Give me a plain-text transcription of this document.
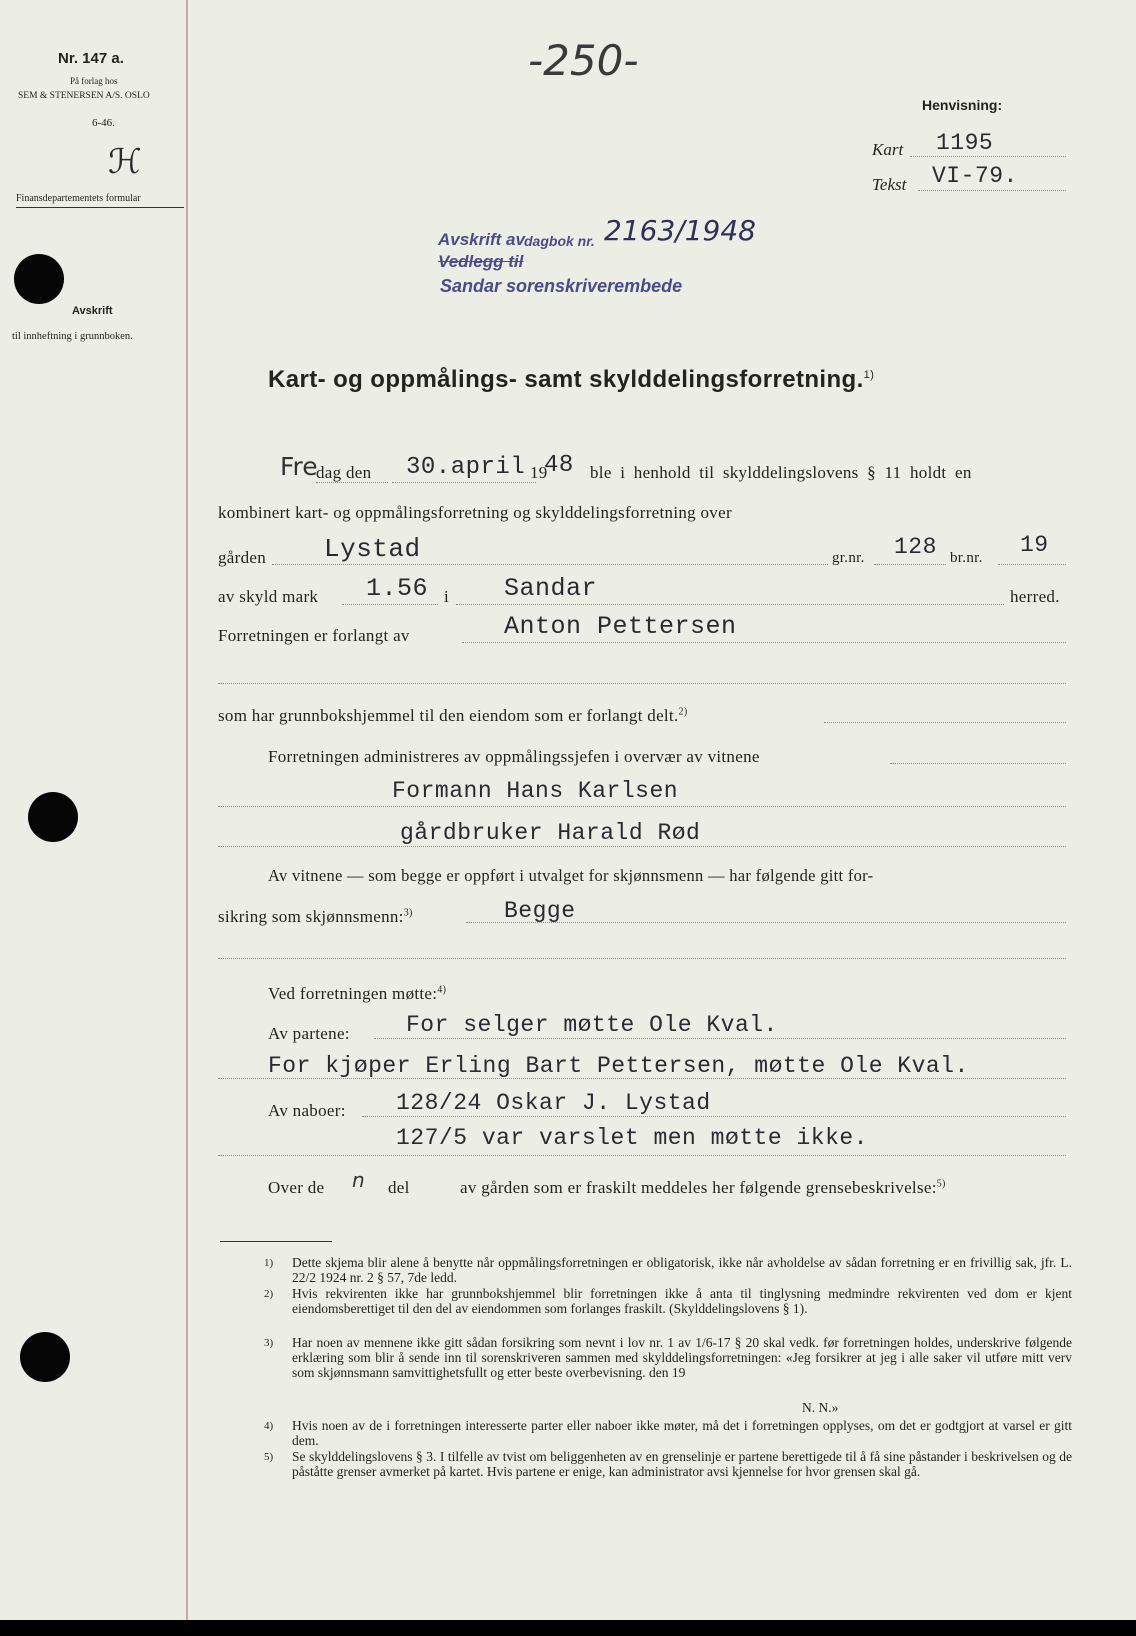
Nr. 147 a.
På forlag hos
SEM & STENERSEN A/S. OSLO
6-46.
ℋ
Finansdepartementets formular
Avskrift
til innheftning i grunnboken.
-250-
Henvisning:
Kart 1195
Tekst VI-79.
Avskrift av dagbok nr. 2163/1948
Vedlegg til
Sandar sorenskriverembede
Kart- og oppmålings- samt skylddelingsforretning.$^{1)}$
Fre
dag den 30.april 19
48 ble i henhold til skylddelingslovens § 11 holdt en
kombinert kart- og oppmålingsforretning og skylddelingsforretning over
gården Lystad	gr.nr. 128 br.nr. 19
av skyld mark 1.56 i Sandar	herred.
Forretningen er forlangt av	Anton Pettersen
som har grunnbokshjemmel til den eiendom som er forlangt delt.$^{2)}$
Forretningen administreres av oppmålingssjefen i overvær av vitnene
Formann Hans Karlsen
gårdbruker Harald Rød
Av vitnene — som begge er oppført i utvalget for skjønnsmenn — har følgende gitt for-
sikring som skjønnsmenn:$^{3)}$	Begge
Ved forretningen møtte:$^{4)}$
Av partene: For selger møtte Ole Kval.
For kjøper Erling Bart Pettersen, møtte Ole Kval.
Av naboer: 128/24 Oskar J. Lystad
127/5 var varslet men møtte ikke.
Over de n del	av gården som er fraskilt meddeles her følgende grensebeskrivelse:$^{5)}$
1) Dette skjema blir alene å benytte når oppmålingsforretningen er obligatorisk, ikke når avholdelse av sådan forretning er en frivillig sak, jfr. L. 22/2 1924 nr. 2 § 57, 7de ledd.
2) Hvis rekvirenten ikke har grunnbokshjemmel blir forretningen ikke å anta til tinglysning medmindre rekvirenten ved dom er kjent eiendomsberettiget til den del av eiendommen som forlanges fraskilt. (Skylddelingslovens § 1).
3) Har noen av mennene ikke gitt sådan forsikring som nevnt i lov nr. 1 av 1/6-17 § 20 skal vedk. før forretningen holdes, underskrive følgende erklæring som blir å sende inn til sorenskriveren sammen med skylddelingsforretningen: «Jeg forsikrer at jeg i alle saker vil utføre mitt verv som skjønnsmann samvittighetsfullt og etter beste overbevisning. den 19
N. N.»
4) Hvis noen av de i forretningen interesserte parter eller naboer ikke møter, må det i forretningen opplyses, om det er godtgjort at varsel er gitt dem.
5) Se skylddelingslovens § 3. I tilfelle av tvist om beliggenheten av en grenselinje er partene berettigede til å få sine påstander i beskrivelsen og de påståtte grenser avmerket på kartet. Hvis partene er enige, kan administrator avsi kjennelse for hvor grensen skal gå.
